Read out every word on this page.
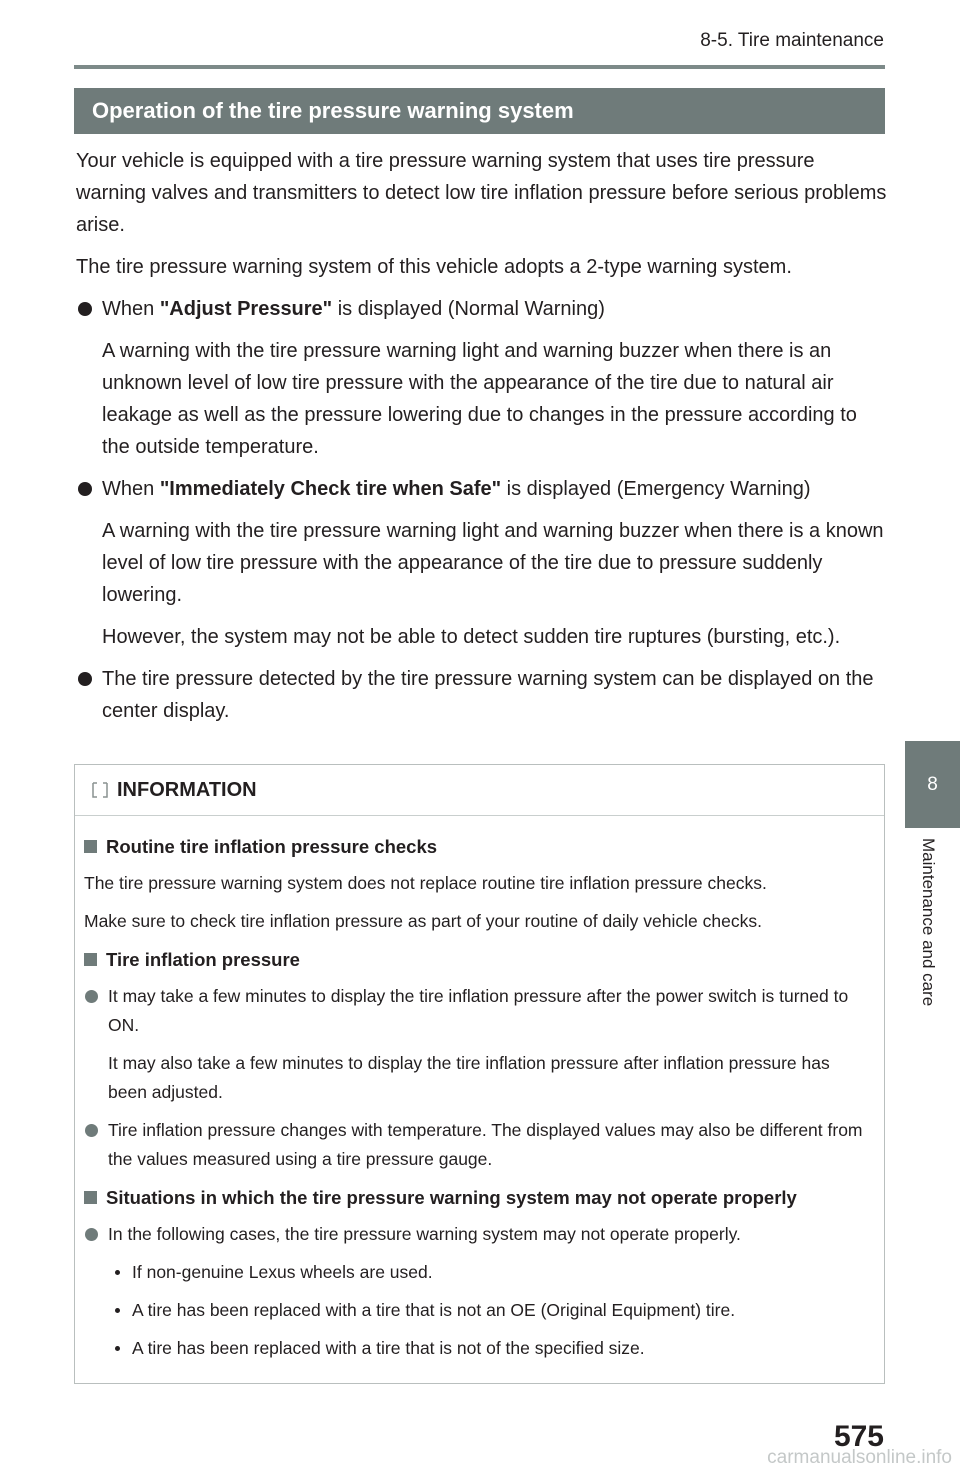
8-5. Tire maintenance
Operation of the tire pressure warning system

Your vehicle is equipped with a tire pressure warning system that uses tire pressure warning valves and transmitters to detect low tire inflation pressure before serious problems arise.

The tire pressure warning system of this vehicle adopts a 2-type warning system.

When "Adjust Pressure" is displayed (Normal Warning)

A warning with the tire pressure warning light and warning buzzer when there is an unknown level of low tire pressure with the appearance of the tire due to natural air leakage as well as the pressure lowering due to changes in the pressure according to the outside temperature.

When "Immediately Check tire when Safe" is displayed (Emergency Warning)

A warning with the tire pressure warning light and warning buzzer when there is a known level of low tire pressure with the appearance of the tire due to pressure suddenly lowering.

However, the system may not be able to detect sudden tire ruptures (bursting, etc.).

The tire pressure detected by the tire pressure warning system can be displayed on the center display.

INFORMATION
Routine tire inflation pressure checks

The tire pressure warning system does not replace routine tire inflation pressure checks.

Make sure to check tire inflation pressure as part of your routine of daily vehicle checks.

Tire inflation pressure

It may take a few minutes to display the tire inflation pressure after the power switch is turned to ON.

It may also take a few minutes to display the tire inflation pressure after inflation pressure has been adjusted.

Tire inflation pressure changes with temperature. The displayed values may also be different from the values measured using a tire pressure gauge.

Situations in which the tire pressure warning system may not operate properly

In the following cases, the tire pressure warning system may not operate properly.

If non-genuine Lexus wheels are used.
A tire has been replaced with a tire that is not an OE (Original Equipment) tire.
A tire has been replaced with a tire that is not of the specified size.
8
Maintenance and care
575
carmanualsonline.info
